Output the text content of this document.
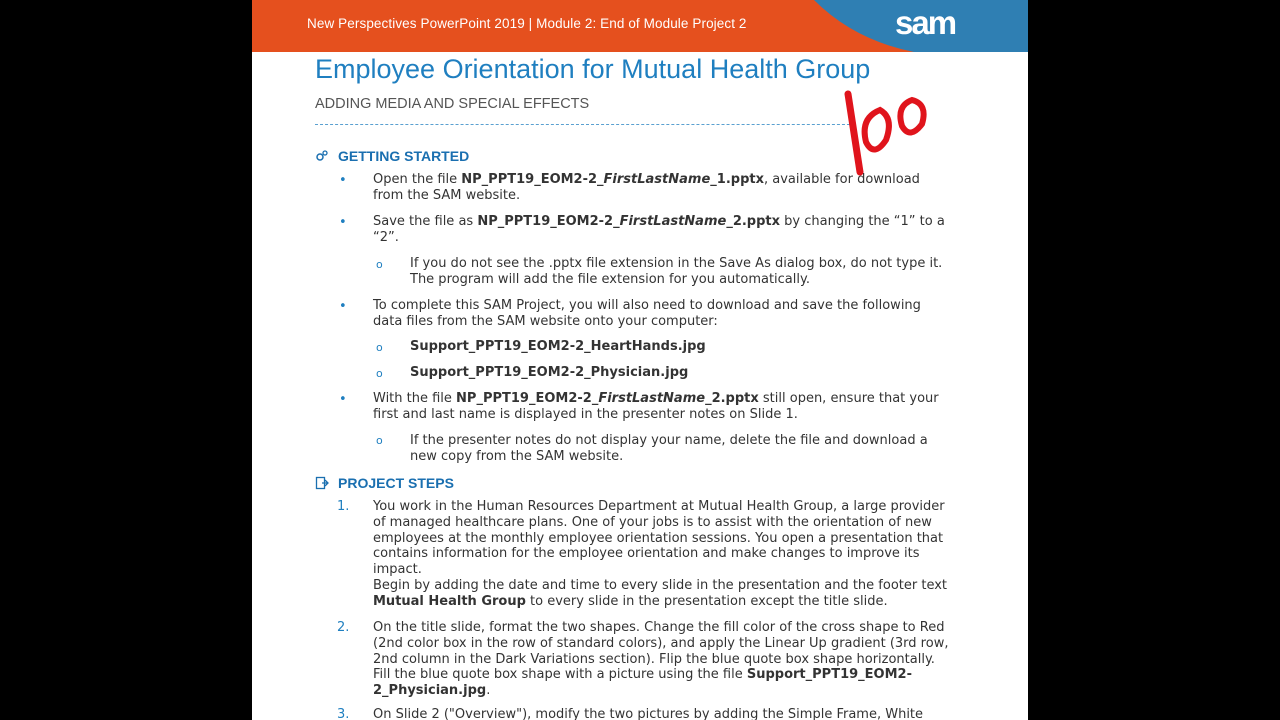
New Perspectives PowerPoint 2019 | Module 2: End of Module Project 2	sam
Employee Orientation for Mutual Health Group
ADDING MEDIA AND SPECIAL EFFECTS
GETTING STARTED
• Open the file NP_PPT19_EOM2-2_FirstLastName_1.pptx, available for download
from the SAM website.
• Save the file as NP_PPT19_EOM2-2_FirstLastName_2.pptx by changing the “1” to a
“2”.
o If you do not see the .pptx file extension in the Save As dialog box, do not type it.
The program will add the file extension for you automatically.
• To complete this SAM Project, you will also need to download and save the following
data files from the SAM website onto your computer:
o Support_PPT19_EOM2-2_HeartHands.jpg
o Support_PPT19_EOM2-2_Physician.jpg
• With the file NP_PPT19_EOM2-2_FirstLastName_2.pptx still open, ensure that your
first and last name is displayed in the presenter notes on Slide 1.
o If the presenter notes do not display your name, delete the file and download a
new copy from the SAM website.
PROJECT STEPS
1. You work in the Human Resources Department at Mutual Health Group, a large provider
of managed healthcare plans. One of your jobs is to assist with the orientation of new
employees at the monthly employee orientation sessions. You open a presentation that
contains information for the employee orientation and make changes to improve its
impact.
Begin by adding the date and time to every slide in the presentation and the footer text
Mutual Health Group to every slide in the presentation except the title slide.
2. On the title slide, format the two shapes. Change the fill color of the cross shape to Red
(2nd color box in the row of standard colors), and apply the Linear Up gradient (3rd row,
2nd column in the Dark Variations section). Flip the blue quote box shape horizontally.
Fill the blue quote box shape with a picture using the file Support_PPT19_EOM2-
2_Physician.jpg.
3. On Slide 2 ("Overview"), modify the two pictures by adding the Simple Frame, White
